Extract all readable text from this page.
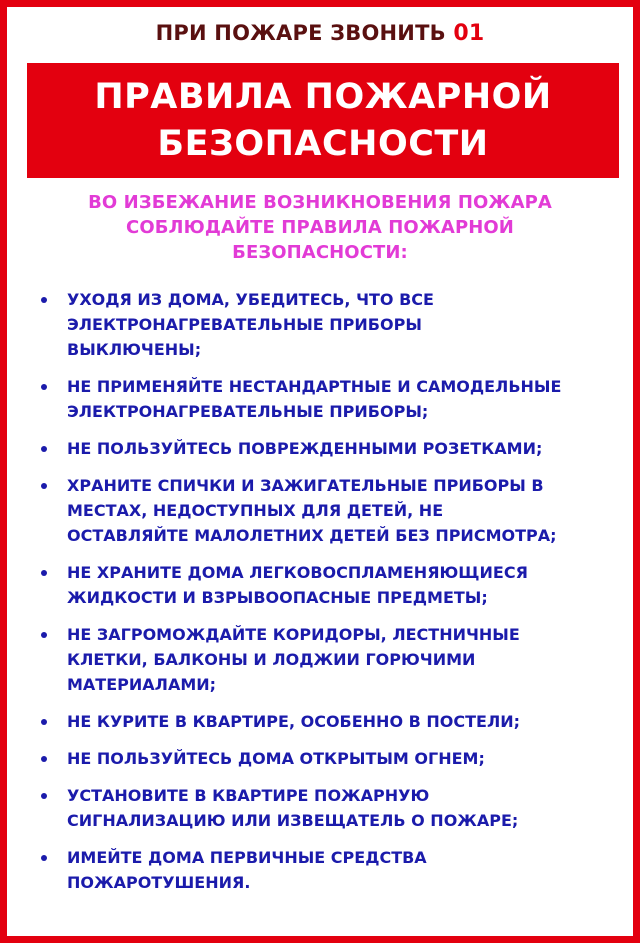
ПРИ ПОЖАРЕ ЗВОНИТЬ 01
ПРАВИЛА ПОЖАРНОЙ
БЕЗОПАСНОСТИ
ВО ИЗБЕЖАНИЕ ВОЗНИКНОВЕНИЯ ПОЖАРА
СОБЛЮДАЙТЕ ПРАВИЛА ПОЖАРНОЙ
БЕЗОПАСНОСТИ:
УХОДЯ ИЗ ДОМА, УБЕДИТЕСЬ, ЧТО ВСЕ
ЭЛЕКТРОНАГРЕВАТЕЛЬНЫЕ ПРИБОРЫ
ВЫКЛЮЧЕНЫ;
НЕ ПРИМЕНЯЙТЕ НЕСТАНДАРТНЫЕ И САМОДЕЛЬНЫЕ
ЭЛЕКТРОНАГРЕВАТЕЛЬНЫЕ ПРИБОРЫ;
НЕ ПОЛЬЗУЙТЕСЬ ПОВРЕЖДЕННЫМИ РОЗЕТКАМИ;
ХРАНИТЕ СПИЧКИ И ЗАЖИГАТЕЛЬНЫЕ ПРИБОРЫ В
МЕСТАХ, НЕДОСТУПНЫХ ДЛЯ ДЕТЕЙ, НЕ
ОСТАВЛЯЙТЕ МАЛОЛЕТНИХ ДЕТЕЙ БЕЗ ПРИСМОТРА;
НЕ ХРАНИТЕ ДОМА ЛЕГКОВОСПЛАМЕНЯЮЩИЕСЯ
ЖИДКОСТИ И ВЗРЫВООПАСНЫЕ ПРЕДМЕТЫ;
НЕ ЗАГРОМОЖДАЙТЕ КОРИДОРЫ, ЛЕСТНИЧНЫЕ
КЛЕТКИ, БАЛКОНЫ И ЛОДЖИИ ГОРЮЧИМИ
МАТЕРИАЛАМИ;
НЕ КУРИТЕ В КВАРТИРЕ, ОСОБЕННО В ПОСТЕЛИ;
НЕ ПОЛЬЗУЙТЕСЬ ДОМА ОТКРЫТЫМ ОГНЕМ;
УСТАНОВИТЕ В КВАРТИРЕ ПОЖАРНУЮ
СИГНАЛИЗАЦИЮ ИЛИ ИЗВЕЩАТЕЛЬ О ПОЖАРЕ;
ИМЕЙТЕ ДОМА ПЕРВИЧНЫЕ СРЕДСТВА
ПОЖАРОТУШЕНИЯ.
